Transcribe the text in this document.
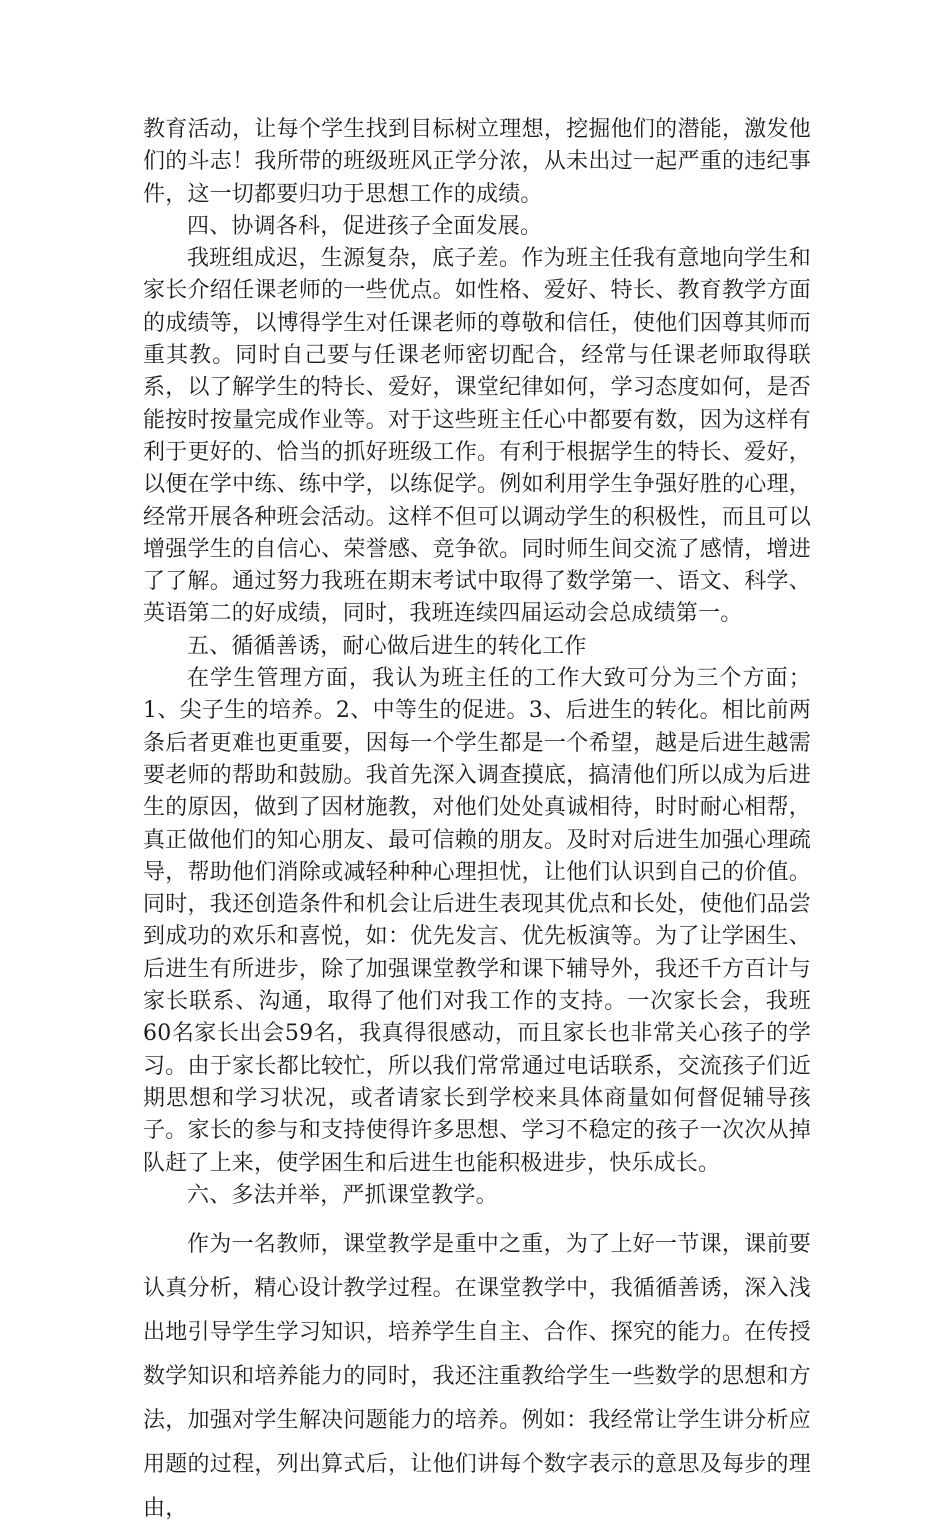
教育活动，让每个学生找到目标树立理想，挖掘他们的潜能，激发他们的斗志！我所带的班级班风正学分浓，从未出过一起严重的违纪事件，这一切都要归功于思想工作的成绩。

四、协调各科，促进孩子全面发展。

我班组成迟，生源复杂，底子差。作为班主任我有意地向学生和家长介绍任课老师的一些优点。如性格、爱好、特长、教育教学方面的成绩等，以博得学生对任课老师的尊敬和信任，使他们因尊其师而重其教。同时自己要与任课老师密切配合，经常与任课老师取得联系，以了解学生的特长、爱好，课堂纪律如何，学习态度如何，是否能按时按量完成作业等。对于这些班主任心中都要有数，因为这样有利于更好的、恰当的抓好班级工作。有利于根据学生的特长、爱好，以便在学中练、练中学，以练促学。例如利用学生争强好胜的心理，经常开展各种班会活动。这样不但可以调动学生的积极性，而且可以增强学生的自信心、荣誉感、竞争欲。同时师生间交流了感情，增进了了解。通过努力我班在期末考试中取得了数学第一、语文、科学、英语第二的好成绩，同时，我班连续四届运动会总成绩第一。

五、循循善诱，耐心做后进生的转化工作

在学生管理方面，我认为班主任的工作大致可分为三个方面；1、尖子生的培养。2、中等生的促进。3、后进生的转化。相比前两条后者更难也更重要，因每一个学生都是一个希望，越是后进生越需要老师的帮助和鼓励。我首先深入调查摸底，搞清他们所以成为后进生的原因，做到了因材施教，对他们处处真诚相待，时时耐心相帮，真正做他们的知心朋友、最可信赖的朋友。及时对后进生加强心理疏导，帮助他们消除或减轻种种心理担忧，让他们认识到自己的价值。同时，我还创造条件和机会让后进生表现其优点和长处，使他们品尝到成功的欢乐和喜悦，如：优先发言、优先板演等。为了让学困生、后进生有所进步，除了加强课堂教学和课下辅导外，我还千方百计与家长联系、沟通，取得了他们对我工作的支持。一次家长会，我班60名家长出会59名，我真得很感动，而且家长也非常关心孩子的学习。由于家长都比较忙，所以我们常常通过电话联系，交流孩子们近期思想和学习状况，或者请家长到学校来具体商量如何督促辅导孩子。家长的参与和支持使得许多思想、学习不稳定的孩子一次次从掉队赶了上来，使学困生和后进生也能积极进步，快乐成长。

六、多法并举，严抓课堂教学。

作为一名教师，课堂教学是重中之重，为了上好一节课，课前要认真分析，精心设计教学过程。在课堂教学中，我循循善诱，深入浅出地引导学生学习知识，培养学生自主、合作、探究的能力。在传授数学知识和培养能力的同时，我还注重教给学生一些数学的思想和方法，加强对学生解决问题能力的培养。例如：我经常让学生讲分析应用题的过程，列出算式后，让他们讲每个数字表示的意思及每步的理由，
